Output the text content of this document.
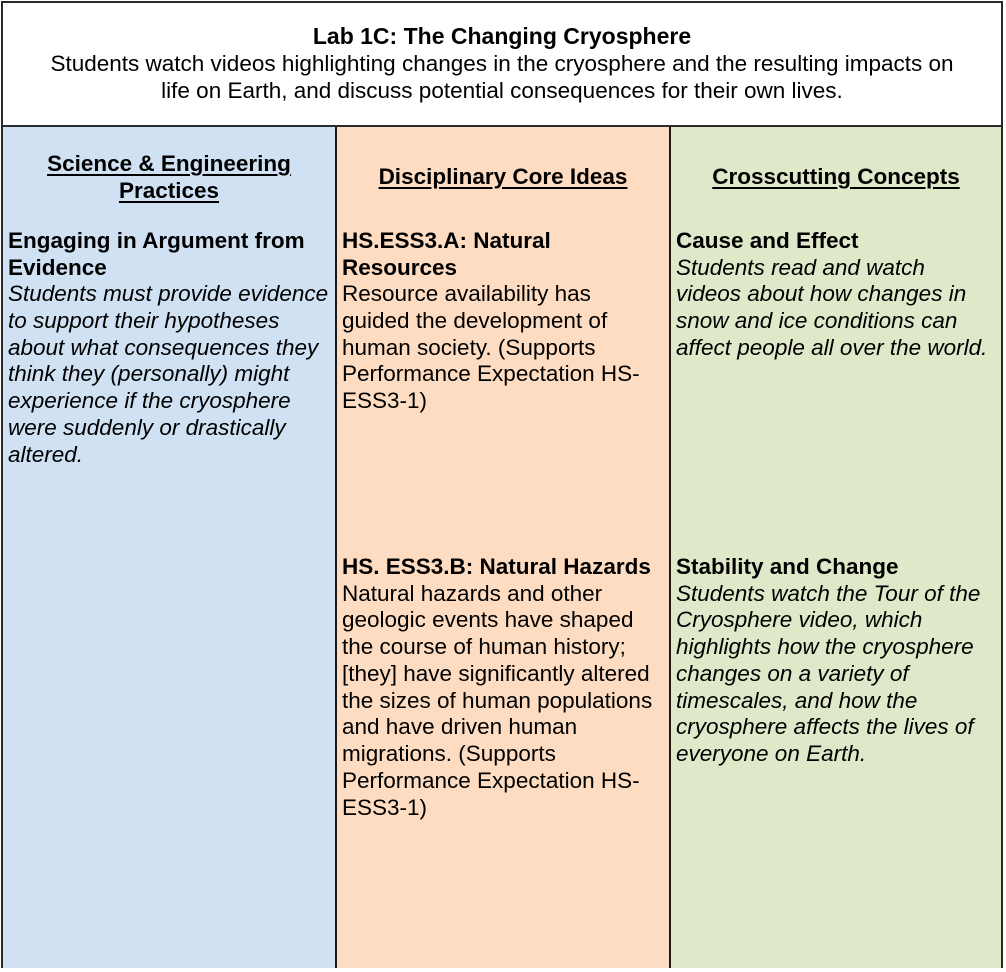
Lab 1C: The Changing Cryosphere
Students watch videos highlighting changes in the cryosphere and the resulting impacts on
life on Earth, and discuss potential consequences for their own lives.
Science & Engineering
Practices
Engaging in Argument from Evidence
Students must provide evidence to support their hypotheses about what consequences they think they (personally) might experience if the cryosphere were suddenly or drastically altered.
Disciplinary Core Ideas
HS.ESS3.A: Natural Resources
Resource availability has guided the development of human society. (Supports Performance Expectation HS-ESS3-1)
HS. ESS3.B: Natural Hazards
Natural hazards and other geologic events have shaped the course of human history; [they] have significantly altered the sizes of human populations and have driven human migrations. (Supports Performance Expectation HS-ESS3-1)
Crosscutting Concepts
Cause and Effect
Students read and watch videos about how changes in snow and ice conditions can affect people all over the world.
Stability and Change
Students watch the Tour of the Cryosphere video, which highlights how the cryosphere changes on a variety of timescales, and how the cryosphere affects the lives of everyone on Earth.
